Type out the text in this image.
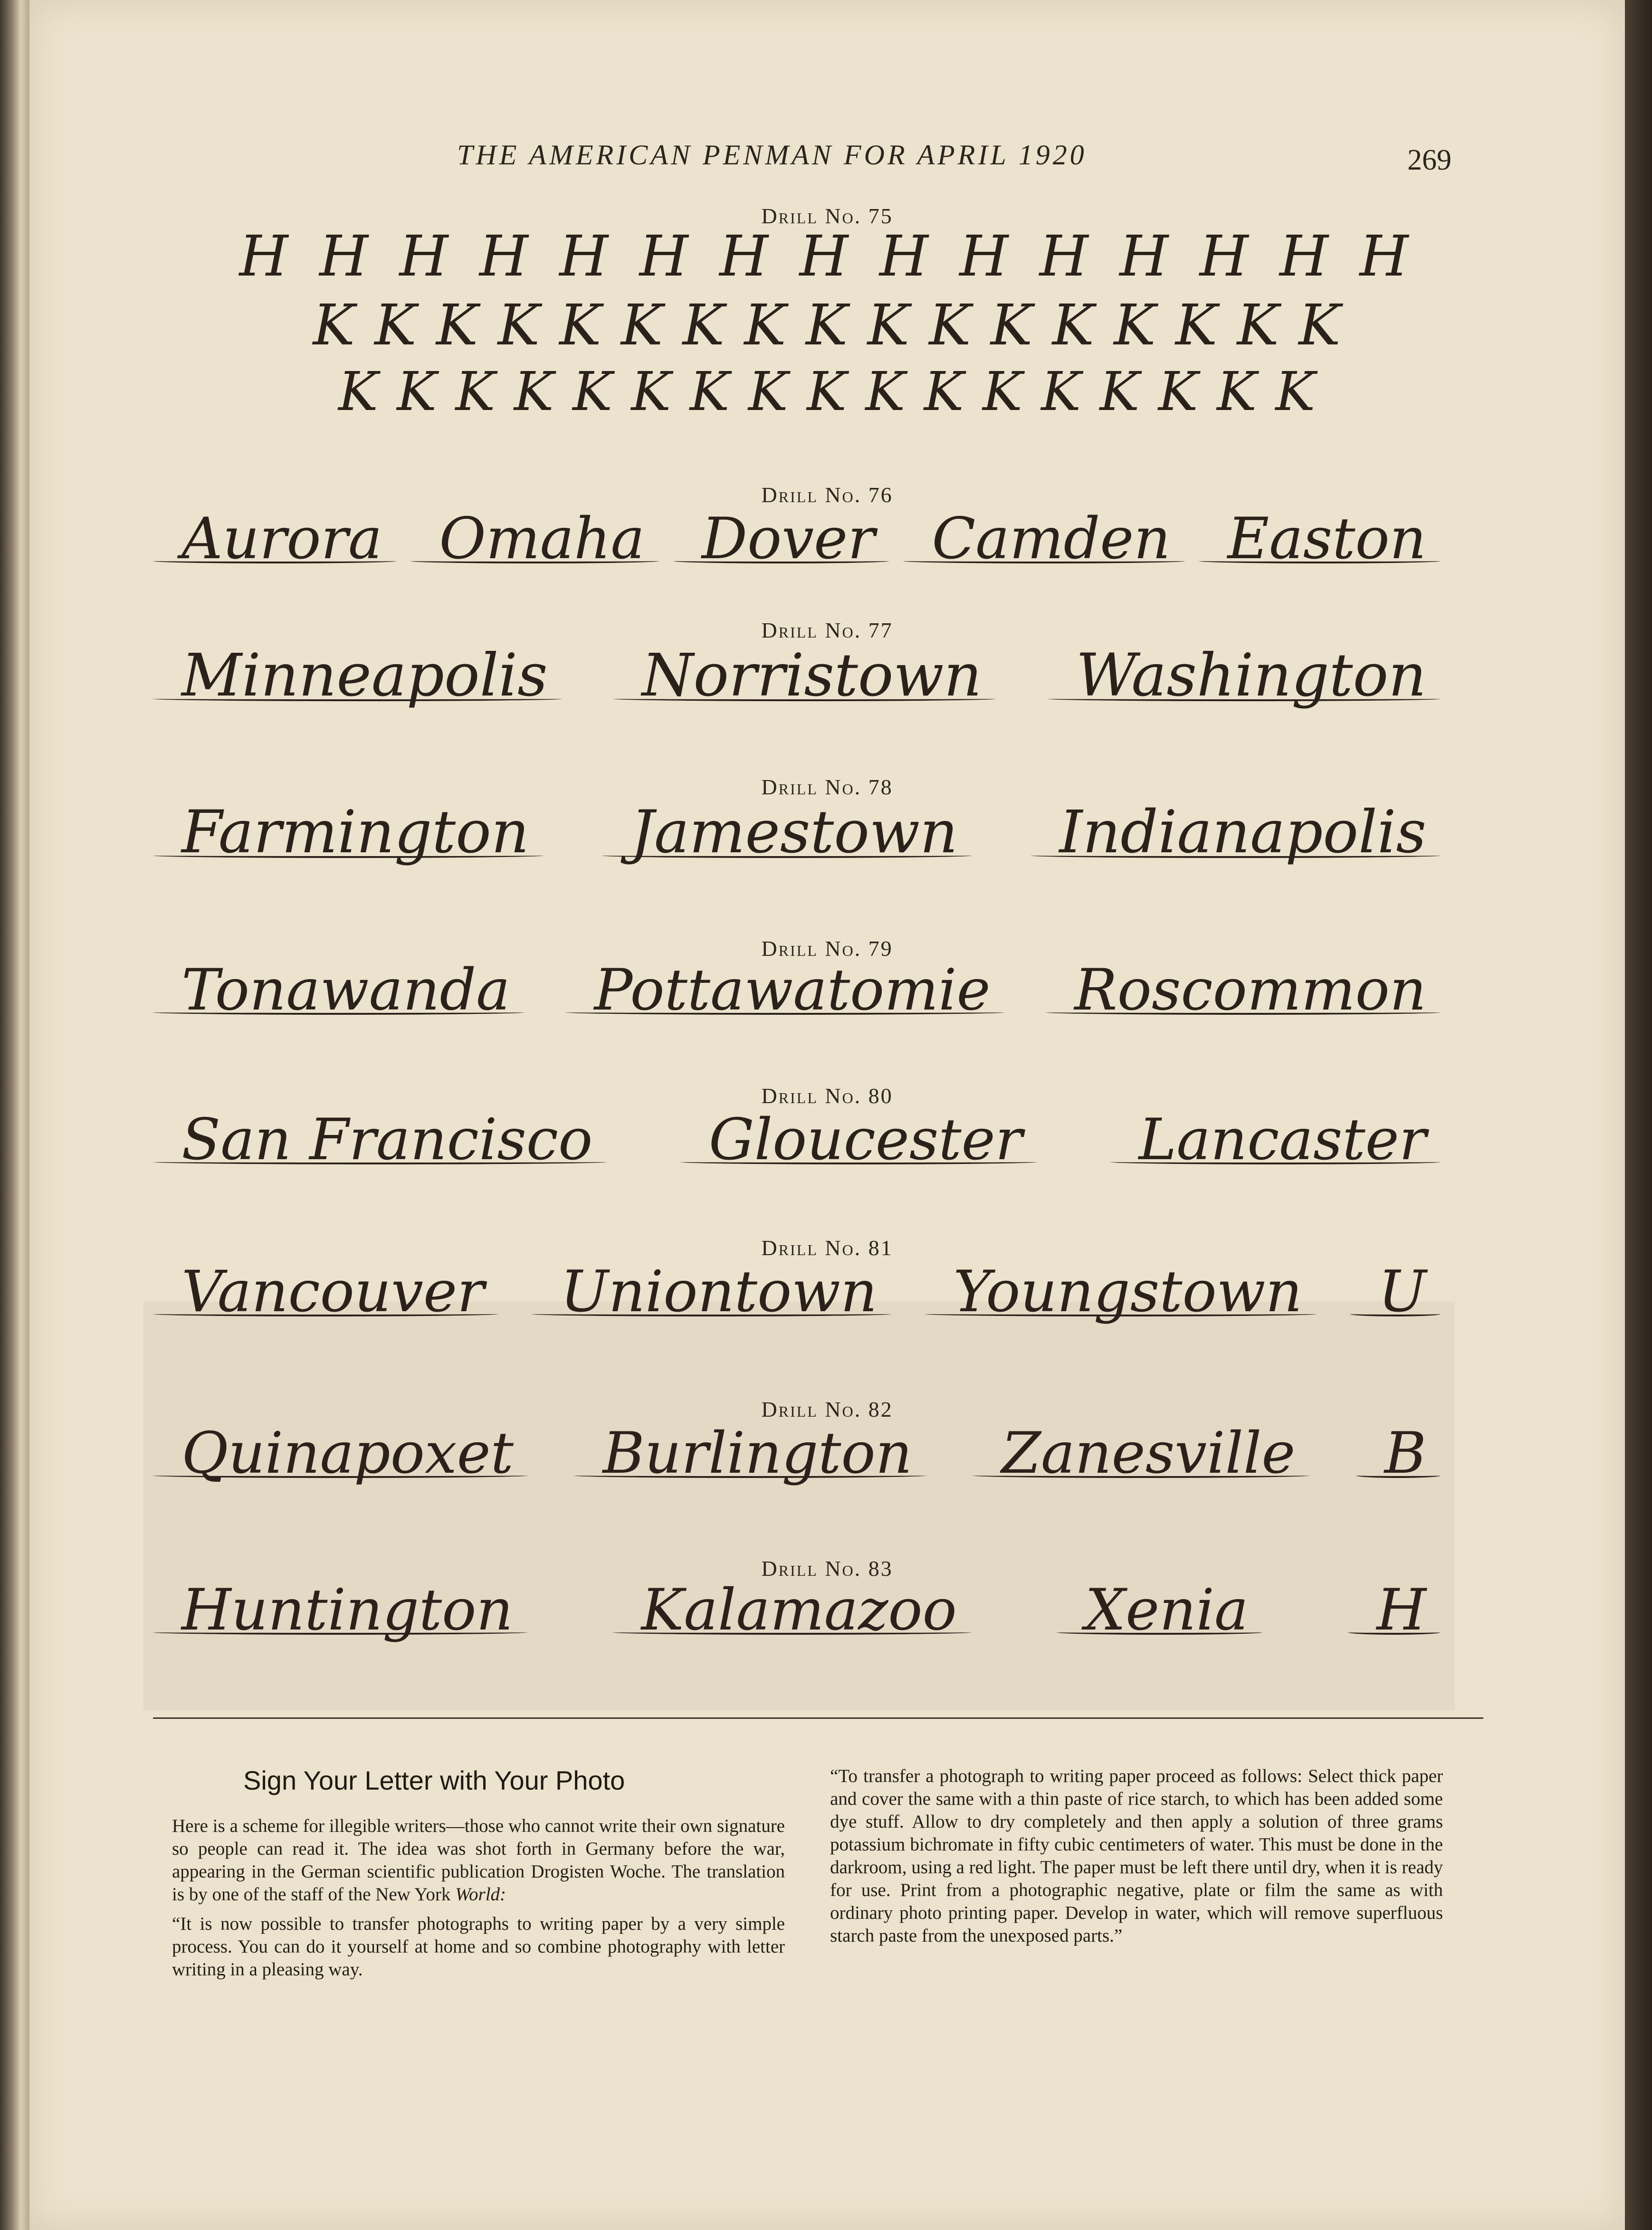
THE AMERICAN PENMAN FOR APRIL 1920	269
Drill No. 75
H H H H H H H H H H H H H H H
K K K K K K K K K K K K K K K K K
K K K K K K K K K K K K K K K K K
Drill No. 76
Aurora Omaha Dover Camden Easton
Drill No. 77
Minneapolis Norristown Washington
Drill No. 78
Farmington Jamestown Indianapolis
Drill No. 79
Tonawanda Pottawatomie Roscommon
Drill No. 80
San Francisco Gloucester Lancaster
Drill No. 81
Vancouver Uniontown Youngstown U
Drill No. 82
Quinapoxet Burlington Zanesville B
Drill No. 83
Huntington Kalamazoo Xenia H
Sign Your Letter with Your Photo

Here is a scheme for illegible writers—those who cannot write their own signature so people can read it. The idea was shot forth in Germany before the war, appearing in the German scientific publication Drogisten Woche. The translation is by one of the staff of the New York World:

“It is now possible to transfer photographs to writing paper by a very simple process. You can do it yourself at home and so combine photography with letter writing in a pleasing way.

“To transfer a photograph to writing paper proceed as follows: Select thick paper and cover the same with a thin paste of rice starch, to which has been added some dye stuff. Allow to dry completely and then apply a solution of three grams potassium bichromate in fifty cubic centimeters of water. This must be done in the darkroom, using a red light. The paper must be left there until dry, when it is ready for use. Print from a photographic negative, plate or film the same as with ordinary photo printing paper. Develop in water, which will remove superfluous starch paste from the unexposed parts.”
